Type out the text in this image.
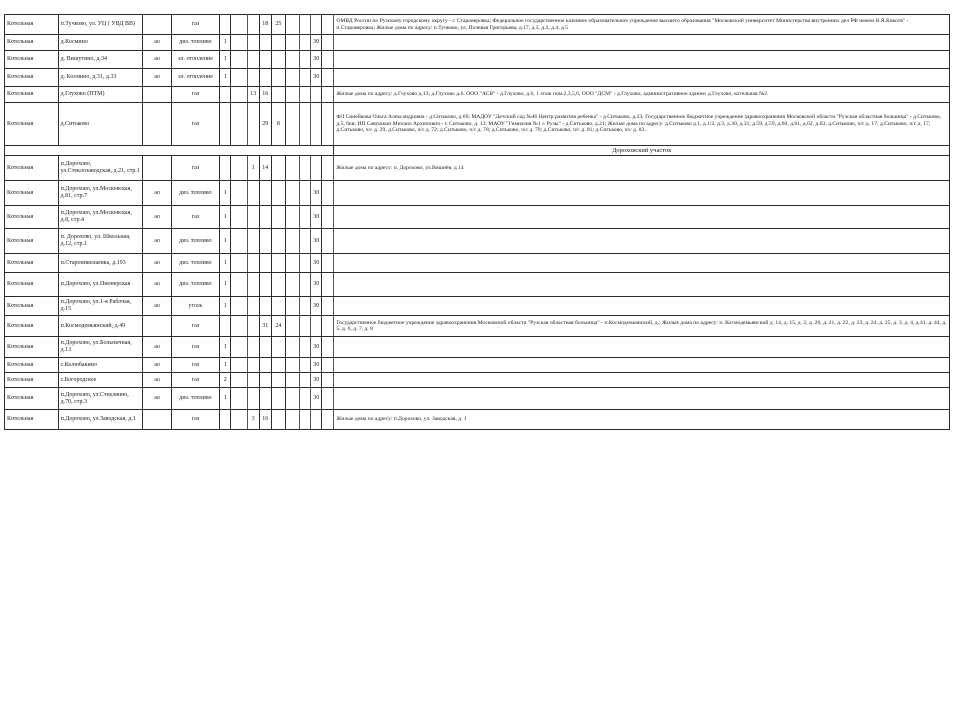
Котельная	п.Тучково, ул. УЦ ( УВД ВВ)		газ				18	25					ОМВД России по Рузскому городскому округу - г. Староверовка; Федеральное государственное казенное образовательное учреждение высшего образования "Московский университет Министерства внутренних дел РФ имени В.Я.Кикотя" - п.Староверовка; Жилые дома по адресу: п.Тучково, ул. Полевая Григорьева, д.17, д.3, д.2, д.4, д.5
Котельная	д.Космино	ао	диз. топливо	1							30		
Котельная	д. Вишутино, д.34	ао	эл. отопление	1							30		
Котельная	д. Космино, д.31, д.33	ао	эл. отопление	1							30		
Котельная	д.Глухово (ПТМ)		газ			13	16						Жилые дома по адресу: д.Глухово д.13; д.Глухово д.6. ООО "АСВ" - д.Глухово, д.6, 1 этаж пом.2,3,5,6, ООО "ДСМ" - д.Глухово, административное здание; д.Глухово, котельная №2.
Котельная	д.Ситьково		газ				29	8					ФЛ Синейкова Ольга Александровна - д.Ситьково, д.69; МАДОУ "Детский сад №46 Центр развития ребенка" - д.Ситьково, д.23; Государственное бюджетное учреждение здравоохранения Московской области "Рузская областная больница" - д.Ситьково, д.5, 6кв; ИП Савушкин Михаил Архипович - г. Ситьково, д. 13; МАОУ "Гимназия №1 г. Рузы" - д.Ситьково, д.21; Жилые дома по адресу: д.Ситьково д.1, д.1/2, д.3, д.30, д.31, д.59, д.59, д.60, д.61, д.62, д.63; д.Ситьково, ч/с д. 17; д.Ситьково, ч/с д. 17; д.Ситьково, ч/с д. 29, д.Ситьково, ч/с д. 72; д.Ситьково, ч/с д. 78; д.Ситьково, ч/с д. 79; д.Ситьково, ч/с д. 81; д.Ситьково, ч/с д. 83.
													Дороховский участок
Котельная	п.Дорохово, ул.Стеклозаводская, д.21, стр.1		газ			1	14						Жилые дома по адресу: п. Дорохово, ул.Вишнёв, д.14
Котельная	п.Дорохово, ул.Московская, д.81, стр.7	ао	диз. топливо	1							30		
Котельная	п.Дорохово, ул.Московская, д.8, стр.4	ао	газ	1							30		
Котельная	п. Дорохово, ул. Школьная, д.12, стр.1	ао	диз. топливо	1							30		
Котельная	п.Старониколаевка, д.193	ао	диз. топливо	1							30		
Котельная	п.Дорохово, ул.Пионерская	ао	диз. топливо	1							30		
Котельная	п.Дорохово, ул.1-я Рабочая, д.15	ао	уголь	1							30		
Котельная	п.Космодемьянский, д.49		газ				31	24					Государственное бюджетное учреждение здравоохранения Московской области "Рузская областная больница" - п.Космодемьянский, д.; Жилые дома по адресу: п. Космодемьянский д. 14, д. 15, д. 2, д. 20, д. 21, д. 22, д. 23, д. 24, д. 25, д. 3, д. 4, д.41, д. 44, д. 5, д. 6, д. 7, д. 8
Котельная	п.Дорохово, ул.Больничная, д.13	ао	газ	1							30		
Котельная	с.Колюбакино	ао	газ	1							30		
Котельная	с.Богородское	ао	газ	2							30		
Котельная	п.Дорохово, ул.Стеклянно, д.70, стр.3	ао	диз. топливо	1							30		
Котельная	п.Дорохово, ул.Заводская, д.1		газ			3	16						Жилые дома по адресу: п.Дорохово, ул. Заводская, д. 1
